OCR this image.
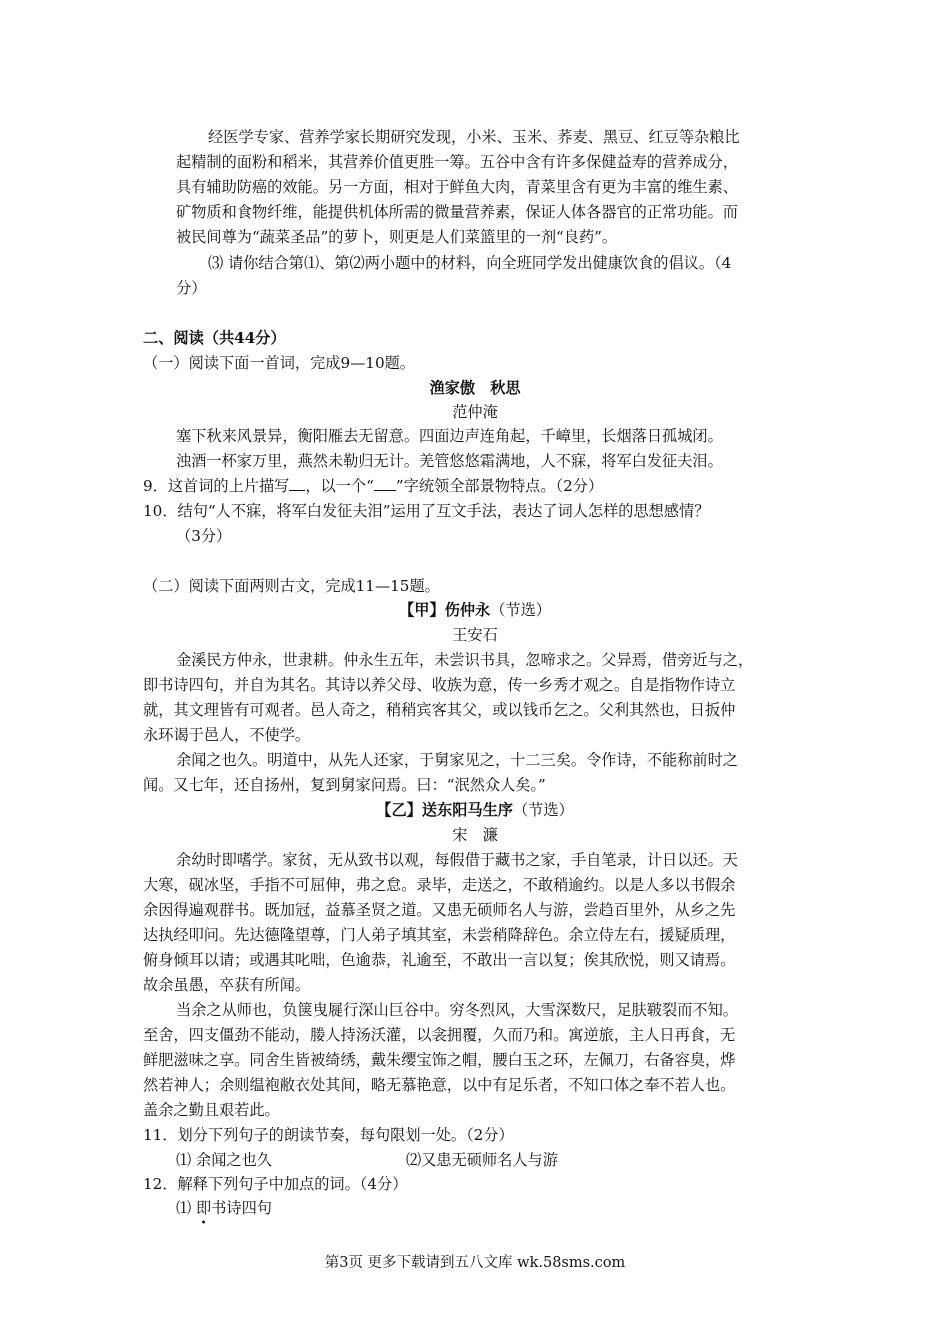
经医学专家、营养学家长期研究发现，小米、玉米、荞麦、黑豆、红豆等杂粮比
起精制的面粉和稻米，其营养价值更胜一筹。五谷中含有许多保健益寿的营养成分，
具有辅助防癌的效能。另一方面，相对于鲜鱼大肉，青菜里含有更为丰富的维生素、
矿物质和食物纤维，能提供机体所需的微量营养素，保证人体各器官的正常功能。而
被民间尊为“蔬菜圣品”的萝卜，则更是人们菜篮里的一剂“良药”。
⑶ 请你结合第⑴、第⑵两小题中的材料，向全班同学发出健康饮食的倡议。（4
分）
二、阅读（共44分）
（一）阅读下面一首词，完成9—10题。
渔家傲　秋思
范仲淹
塞下秋来风景异，衡阳雁去无留意。四面边声连角起，千嶂里，长烟落日孤城闭。
浊酒一杯家万里，燕然未勒归无计。羌管悠悠霜满地，人不寐，将军白发征夫泪。
9．这首词的上片描写 ，以一个“ ”字统领全部景物特点。（2分）
10．结句“人不寐，将军白发征夫泪”运用了互文手法，表达了词人怎样的思想感情？
（3分）
（二）阅读下面两则古文，完成11—15题。
【甲】伤仲永（节选）
王安石
金溪民方仲永，世隶耕。仲永生五年，未尝识书具，忽啼求之。父异焉，借旁近与之，
即书诗四句，并自为其名。其诗以养父母、收族为意，传一乡秀才观之。自是指物作诗立
就，其文理皆有可观者。邑人奇之，稍稍宾客其父，或以钱币乞之。父利其然也，日扳仲
永环谒于邑人，不使学。
余闻之也久。明道中，从先人还家，于舅家见之，十二三矣。令作诗，不能称前时之
闻。又七年，还自扬州，复到舅家问焉。曰：“泯然众人矣。”
【乙】送东阳马生序（节选）
宋　濂
余幼时即嗜学。家贫，无从致书以观，每假借于藏书之家，手自笔录，计日以还。天
大寒，砚冰坚，手指不可屈伸，弗之怠。录毕，走送之，不敢稍逾约。以是人多以书假余
余因得遍观群书。既加冠，益慕圣贤之道。又患无硕师名人与游，尝趋百里外，从乡之先
达执经叩问。先达德隆望尊，门人弟子填其室，未尝稍降辞色。余立侍左右，援疑质理，
俯身倾耳以请；或遇其叱咄，色逾恭，礼逾至，不敢出一言以复；俟其欣悦，则又请焉。
故余虽愚，卒获有所闻。
当余之从师也，负箧曳屣行深山巨谷中。穷冬烈风，大雪深数尺，足肤皲裂而不知。
至舍，四支僵劲不能动，媵人持汤沃灌，以衾拥覆，久而乃和。寓逆旅，主人日再食，无
鲜肥滋味之享。同舍生皆被绮绣，戴朱缨宝饰之帽，腰白玉之环，左佩刀，右备容臭，烨
然若神人；余则缊袍敝衣处其间，略无慕艳意，以中有足乐者，不知口体之奉不若人也。
盖余之勤且艰若此。
11．划分下列句子的朗读节奏，每句限划一处。（2分）
⑴ 余闻之也久	⑵又患无硕师名人与游
12．解释下列句子中加点的词。（4分）
⑴ 即书诗四句
第3页 更多下载请到五八文库 wk.58sms.com
